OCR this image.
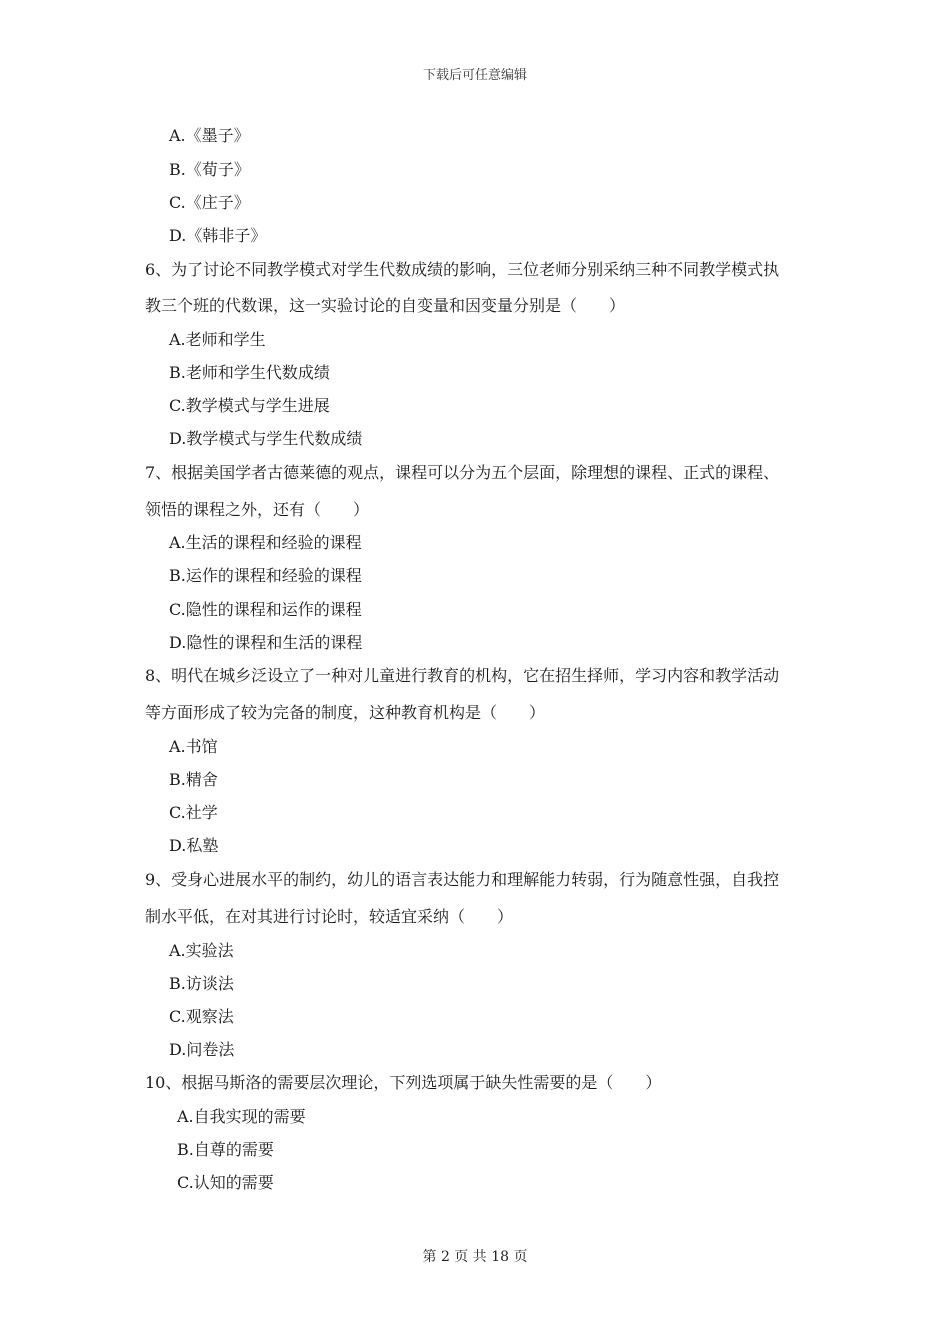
下载后可任意编辑
A.《墨子》
B.《荀子》
C.《庄子》
D.《韩非子》
6、为了讨论不同教学模式对学生代数成绩的影响，三位老师分别采纳三种不同教学模式执
教三个班的代数课，这一实验讨论的自变量和因变量分别是（　　）
A.老师和学生
B.老师和学生代数成绩
C.教学模式与学生进展
D.教学模式与学生代数成绩
7、根据美国学者古德莱德的观点，课程可以分为五个层面，除理想的课程、正式的课程、
领悟的课程之外，还有（　　）
A.生活的课程和经验的课程
B.运作的课程和经验的课程
C.隐性的课程和运作的课程
D.隐性的课程和生活的课程
8、明代在城乡泛设立了一种对儿童进行教育的机构，它在招生择师，学习内容和教学活动
等方面形成了较为完备的制度，这种教育机构是（　　）
A.书馆
B.精舍
C.社学
D.私塾
9、受身心进展水平的制约，幼儿的语言表达能力和理解能力转弱，行为随意性强，自我控
制水平低，在对其进行讨论时，较适宜采纳（　　）
A.实验法
B.访谈法
C.观察法
D.问卷法
10、根据马斯洛的需要层次理论，下列选项属于缺失性需要的是（　　）
A.自我实现的需要
B.自尊的需要
C.认知的需要
第 2 页 共 18 页
